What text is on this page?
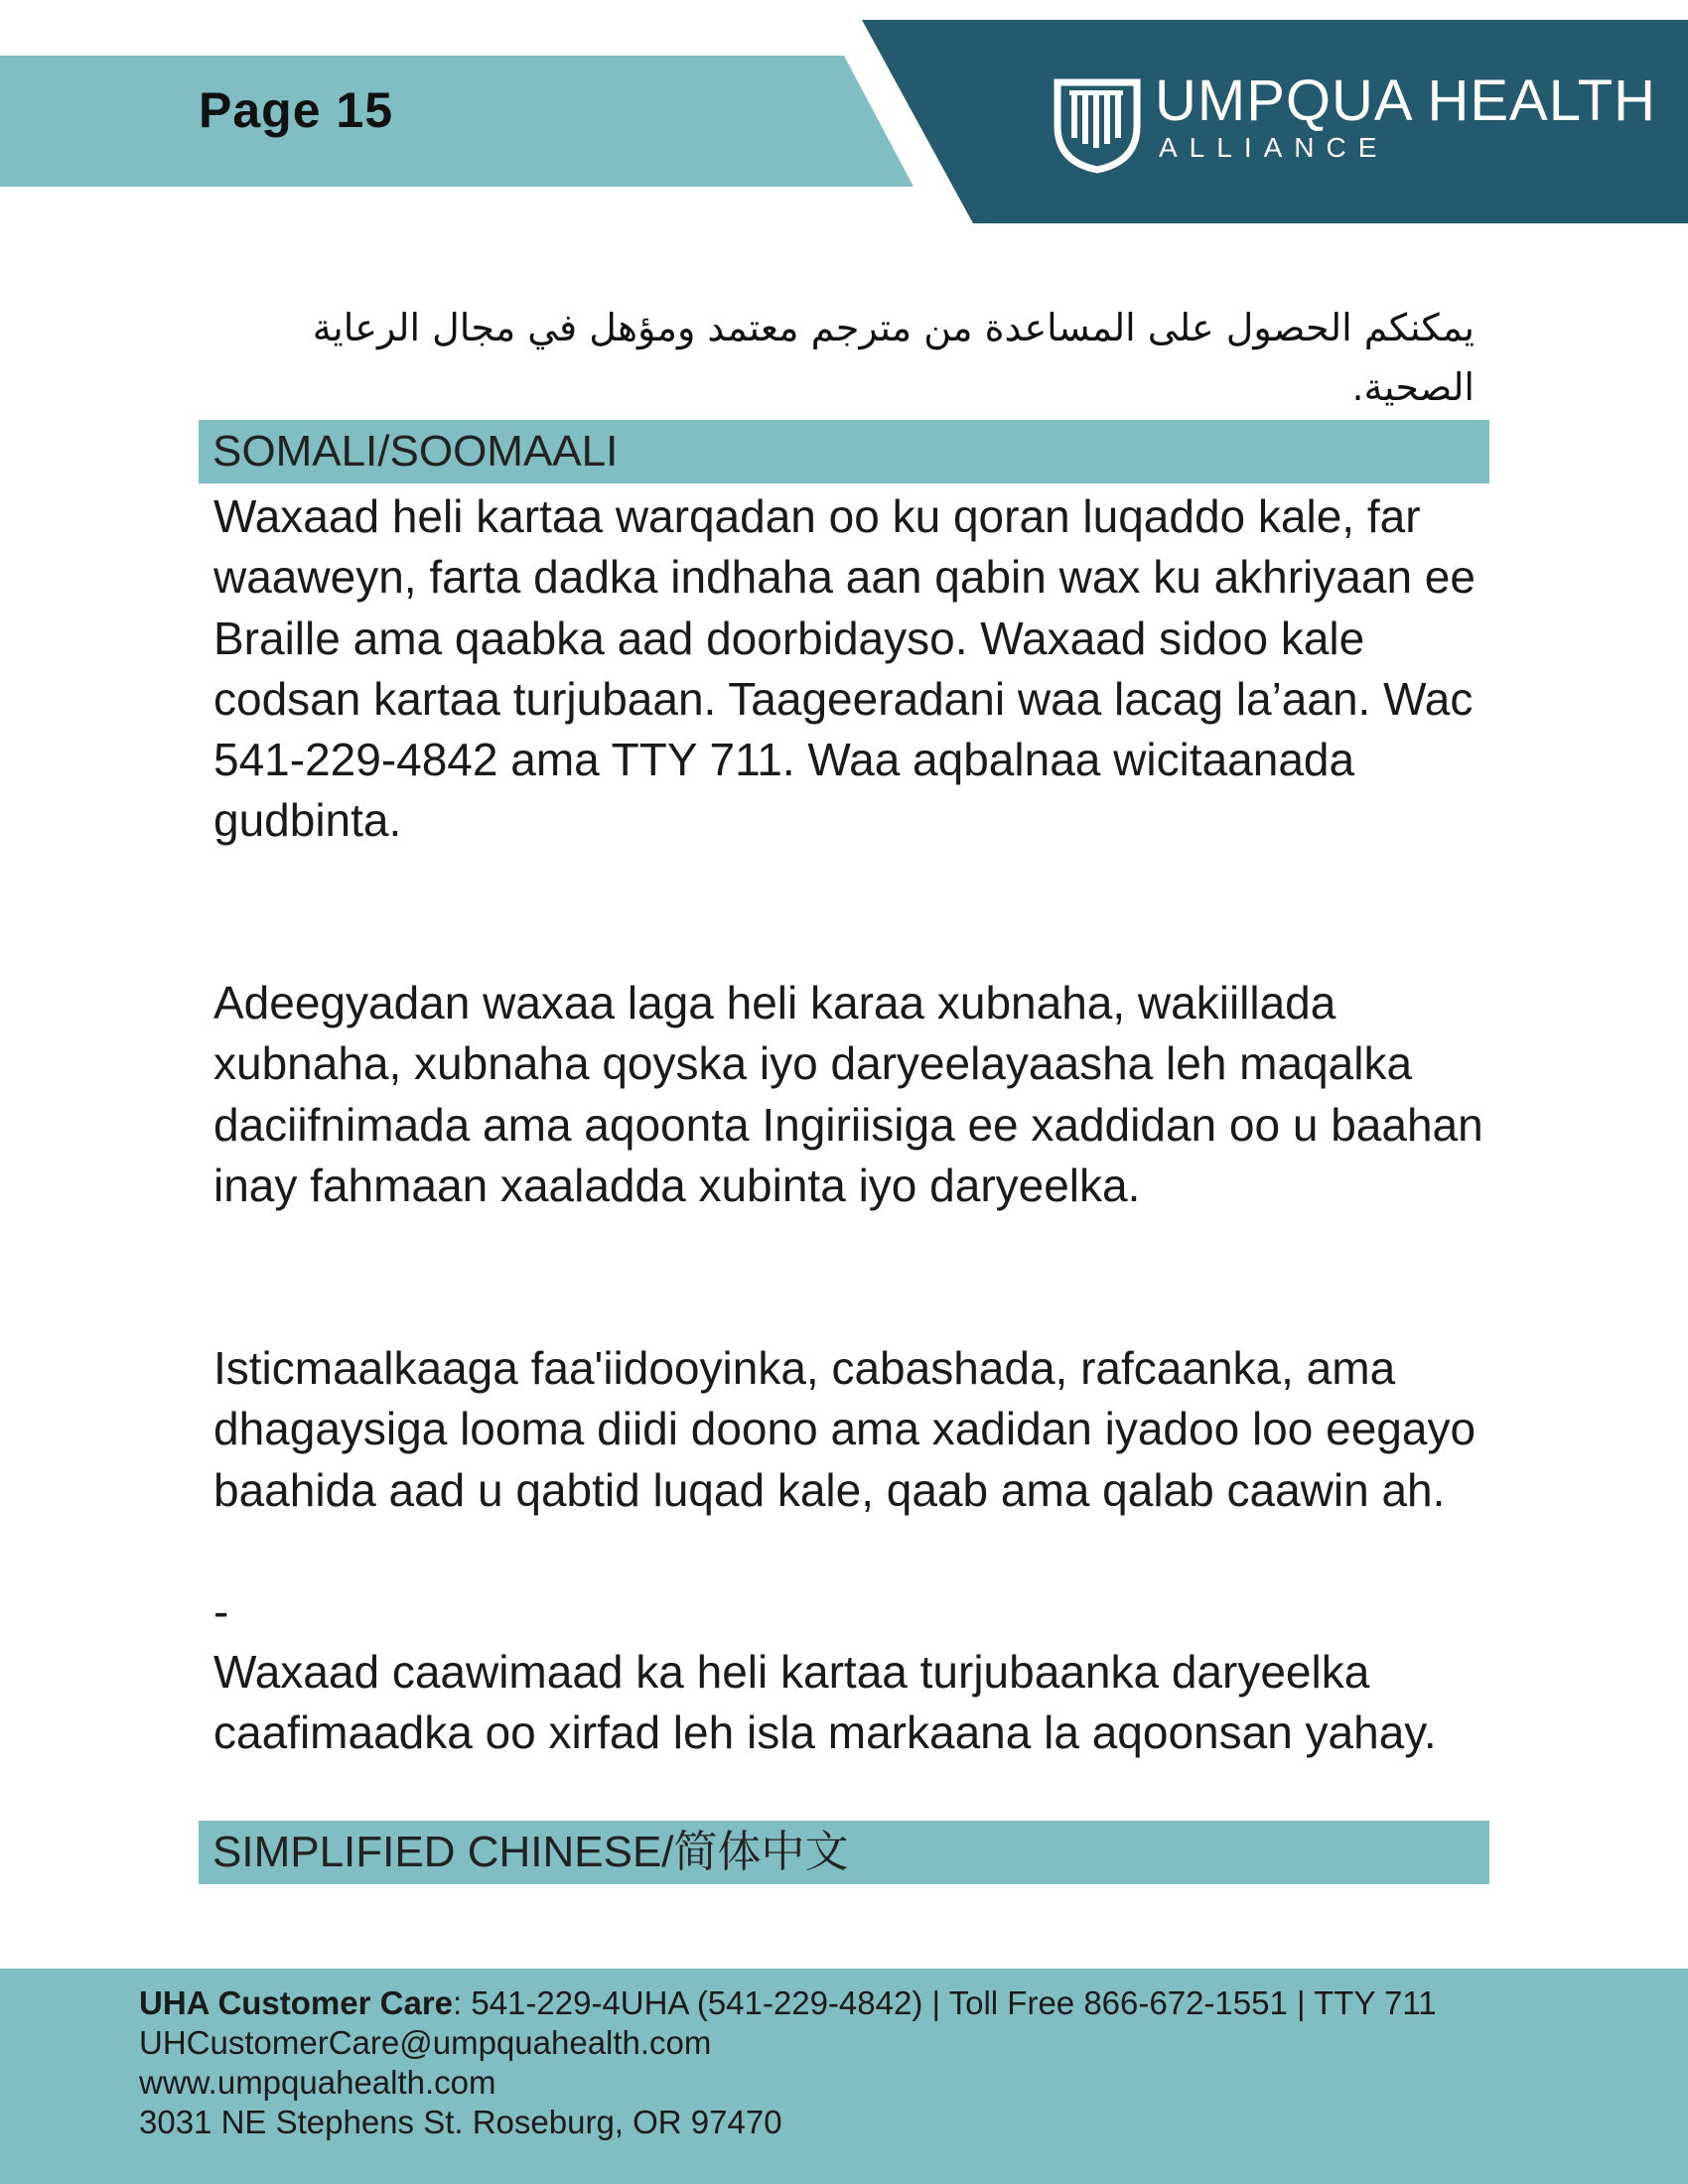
Page 15	UMPQUA HEALTH
ALLIANCE

يمكنكم الحصول على المساعدة من مترجم معتمد ومؤهل في مجال الرعاية الصحية.

SOMALI/SOOMAALI

Waxaad heli kartaa warqadan oo ku qoran luqaddo kale, far waaweyn, farta dadka indhaha aan qabin wax ku akhriyaan ee Braille ama qaabka aad doorbidayso. Waxaad sidoo kale codsan kartaa turjubaan. Taageeradani waa lacag la’aan. Wac 541-229-4842 ama TTY 711. Waa aqbalnaa wicitaanada gudbinta.

Adeegyadan waxaa laga heli karaa xubnaha, wakiillada xubnaha, xubnaha qoyska iyo daryeelayaasha leh maqalka daciifnimada ama aqoonta Ingiriisiga ee xaddidan oo u baahan inay fahmaan xaaladda xubinta iyo daryeelka.

Isticmaalkaaga faa'iidooyinka, cabashada, rafcaanka, ama dhagaysiga looma diidi doono ama xadidan iyadoo loo eegayo baahida aad u qabtid luqad kale, qaab ama qalab caawin ah.

-

Waxaad caawimaad ka heli kartaa turjubaanka daryeelka caafimaadka oo xirfad leh isla markaana la aqoonsan yahay.

SIMPLIFIED CHINESE/简体中文

UHA Customer Care: 541-229-4UHA (541-229-4842) | Toll Free 866-672-1551 | TTY 711

UHCustomerCare@umpquahealth.com

www.umpquahealth.com

3031 NE Stephens St. Roseburg, OR 97470
